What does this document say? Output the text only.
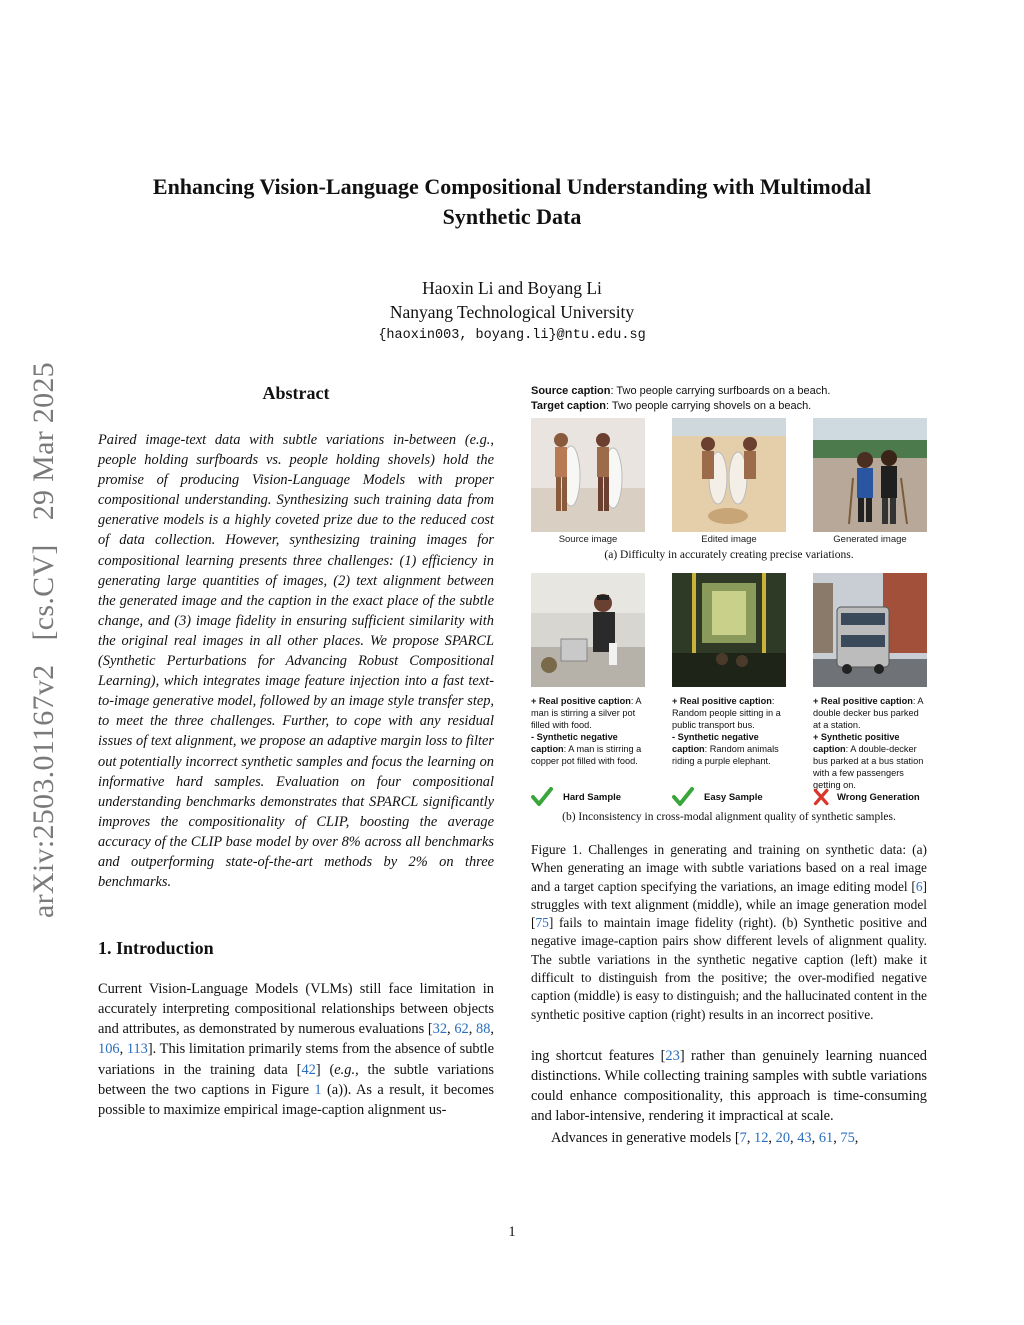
arXiv:2503.01167v2
[cs.CV]
29 Mar 2025
Enhancing Vision-Language Compositional Understanding with Multimodal
Synthetic Data
Haoxin Li and Boyang Li
Nanyang Technological University
{haoxin003, boyang.li}@ntu.edu.sg
Abstract

Paired image-text data with subtle variations in-between (e.g., people holding surfboards vs. people holding shovels) hold the promise of producing Vision-Language Models with proper compositional understanding. Synthesizing such training data from generative models is a highly coveted prize due to the reduced cost of data collection. However, synthesizing training images for compositional learning presents three challenges: (1) efficiency in generating large quantities of images, (2) text alignment between the generated image and the caption in the exact place of the subtle change, and (3) image fidelity in ensuring sufficient similarity with the original real images in all other places. We propose SPARCL (Synthetic Perturbations for Advancing Robust Compositional Learning), which integrates image feature injection into a fast text-to-image generative model, followed by an image style transfer step, to meet the three challenges. Further, to cope with any residual issues of text alignment, we propose an adaptive margin loss to filter out potentially incorrect synthetic samples and focus the learning on informative hard samples. Evaluation on four compositional understanding benchmarks demonstrates that SPARCL significantly improves the compositionality of CLIP, boosting the average accuracy of the CLIP base model by over 8% across all benchmarks and outperforming state-of-the-art methods by 2% on three benchmarks.

1. Introduction

Current Vision-Language Models (VLMs) still face limitation in accurately interpreting compositional relationships between objects and attributes, as demonstrated by numerous evaluations [32, 62, 88, 106, 113]. This limitation primarily stems from the absence of subtle variations in the training data [42] (e.g., the subtle variations between the two captions in Figure 1 (a)). As a result, it becomes possible to maximize empirical image-caption alignment us-

Source caption: Two people carrying surfboards on a beach.
Target caption: Two people carrying shovels on a beach.
Source image	Edited image	Generated image

(a) Difficulty in accurately creating precise variations.

+ Real positive caption: A man is stirring a silver pot filled with food.
- Synthetic negative caption: A man is stirring a copper pot filled with food.
Hard Sample
+ Real positive caption: Random people sitting in a public transport bus.
- Synthetic negative caption: Random animals riding a purple elephant.
Easy Sample
+ Real positive caption: A double decker bus parked at a station.
+ Synthetic positive caption: A double-decker bus parked at a bus station with a few passengers getting on.
Wrong Generation

(b) Inconsistency in cross-modal alignment quality of synthetic samples.

Figure 1. Challenges in generating and training on synthetic data: (a) When generating an image with subtle variations based on a real image and a target caption specifying the variations, an image editing model [6] struggles with text alignment (middle), while an image generation model [75] fails to maintain image fidelity (right). (b) Synthetic positive and negative image-caption pairs show different levels of alignment quality. The subtle variations in the synthetic negative caption (left) make it difficult to distinguish from the positive; the over-modified negative caption (middle) is easy to distinguish; and the hallucinated content in the synthetic positive caption (right) results in an incorrect positive.

ing shortcut features [23] rather than genuinely learning nuanced distinctions. While collecting training samples with subtle variations could enhance compositionality, this approach is time-consuming and labor-intensive, rendering it impractical at scale.

Advances in generative models [7, 12, 20, 43, 61, 75,

1
